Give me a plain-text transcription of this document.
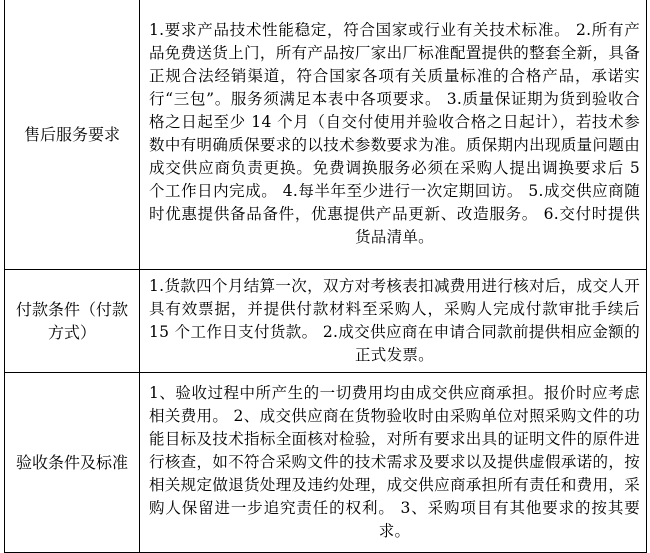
售后服务要求	1.要求产品技术性能稳定，符合国家或行业有关技术标准。 2.所有产品免费送货上门，所有产品按厂家出厂标准配置提供的整套全新，具备正规合法经销渠道，符合国家各项有关质量标准的合格产品，承诺实行“三包”。服务须满足本表中各项要求。 3.质量保证期为货到验收合格之日起至少 14 个月（自交付使用并验收合格之日起计），若技术参数中有明确质保要求的以技术参数要求为准。质保期内出现质量问题由成交供应商负责更换。免费调换服务必须在采购人提出调换要求后 5 个工作日内完成。 4.每半年至少进行一次定期回访。 5.成交供应商随时优惠提供备品备件，优惠提供产品更新、改造服务。 6.交付时提供货品清单。
付款条件（付款方式）	1.货款四个月结算一次，双方对考核表扣减费用进行核对后，成交人开具有效票据，并提供付款材料至采购人，采购人完成付款审批手续后 15 个工作日支付货款。 2.成交供应商在申请合同款前提供相应金额的正式发票。
验收条件及标准	1、验收过程中所产生的一切费用均由成交供应商承担。报价时应考虑相关费用。 2、成交供应商在货物验收时由采购单位对照采购文件的功能目标及技术指标全面核对检验，对所有要求出具的证明文件的原件进行核查，如不符合采购文件的技术需求及要求以及提供虚假承诺的，按相关规定做退货处理及违约处理，成交供应商承担所有责任和费用，采购人保留进一步追究责任的权利。 3、采购项目有其他要求的按其要求。
